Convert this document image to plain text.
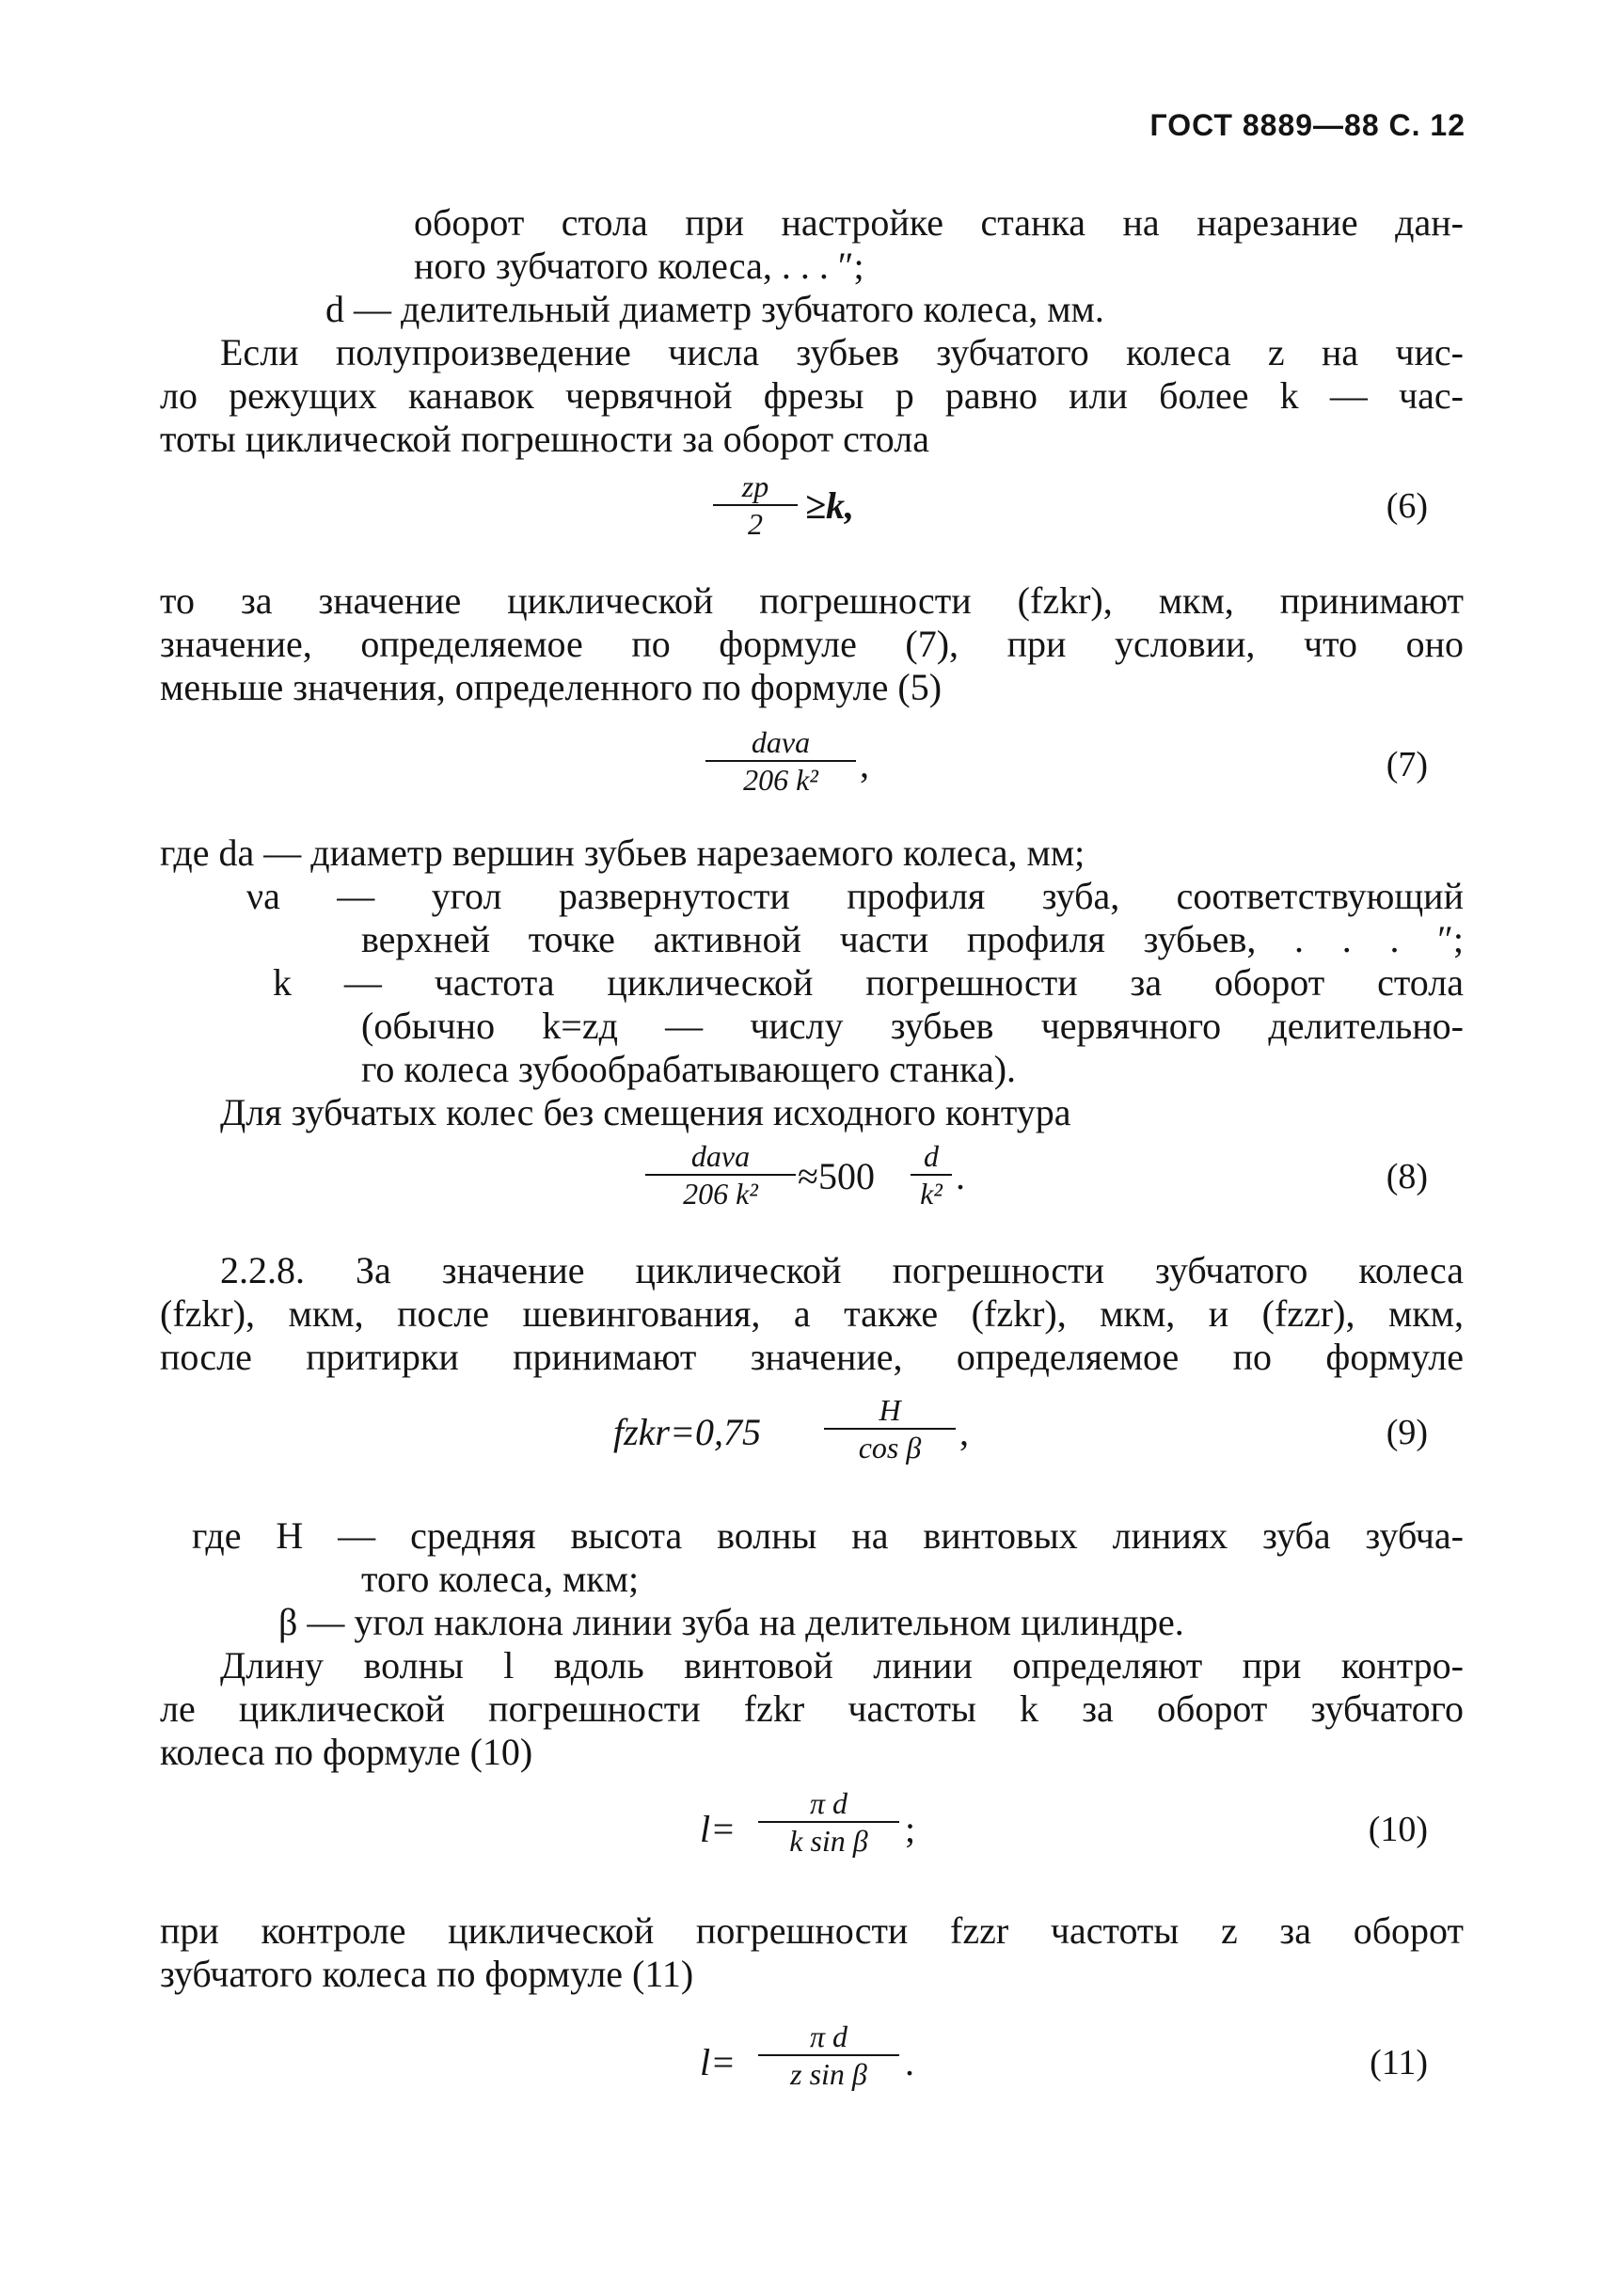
ГОСТ 8889—88 С. 12
оборот стола при настройке станка на нарезание дан-
ного зубчатого колеса, . . . ″;
d — делительный диаметр зубчатого колеса, мм.
Если полупроизведение числа зубьев зубчатого колеса z на чис-
ло режущих канавок червячной фрезы p равно или более k — час-
тоты циклической погрешности за оборот стола
zp
2	≥k,	(6)
то за значение циклической погрешности (fzkr), мкм, принимают
значение, определяемое по формуле (7), при условии, что оно
меньше значения, определенного по формуле (5)
daνa
206 k²	,	(7)
где da — диаметр вершин зубьев нарезаемого колеса, мм;
νa — угол развернутости профиля зуба, соответствующий
верхней точке активной части профиля зубьев, . . . ″;
k — частота циклической погрешности за оборот стола
(обычно k=zд — числу зубьев червячного делительно-
го колеса зубообрабатывающего станка).
Для зубчатых колес без смещения исходного контура
daνa
206 k²	≈500	d
k² .	(8)
2.2.8. За значение циклической погрешности зубчатого колеса
(fzkr), мкм, после шевингования, а также (fzkr), мкм, и (fzzr), мкм,
после притирки принимают значение, определяемое по формуле
fzkr=0,75
H
cos β	,	(9)
где H — средняя высота волны на винтовых линиях зуба зубча-
того колеса, мкм;
β — угол наклона линии зуба на делительном цилиндре.
Длину волны l вдоль винтовой линии определяют при контро-
ле циклической погрешности fzkr частоты k за оборот зубчатого
колеса по формуле (10)
l=
π d
k sin β ;	(10)
при контроле циклической погрешности fzzr частоты z за оборот
зубчатого колеса по формуле (11)
l=
π d
z sin β	.	(11)
